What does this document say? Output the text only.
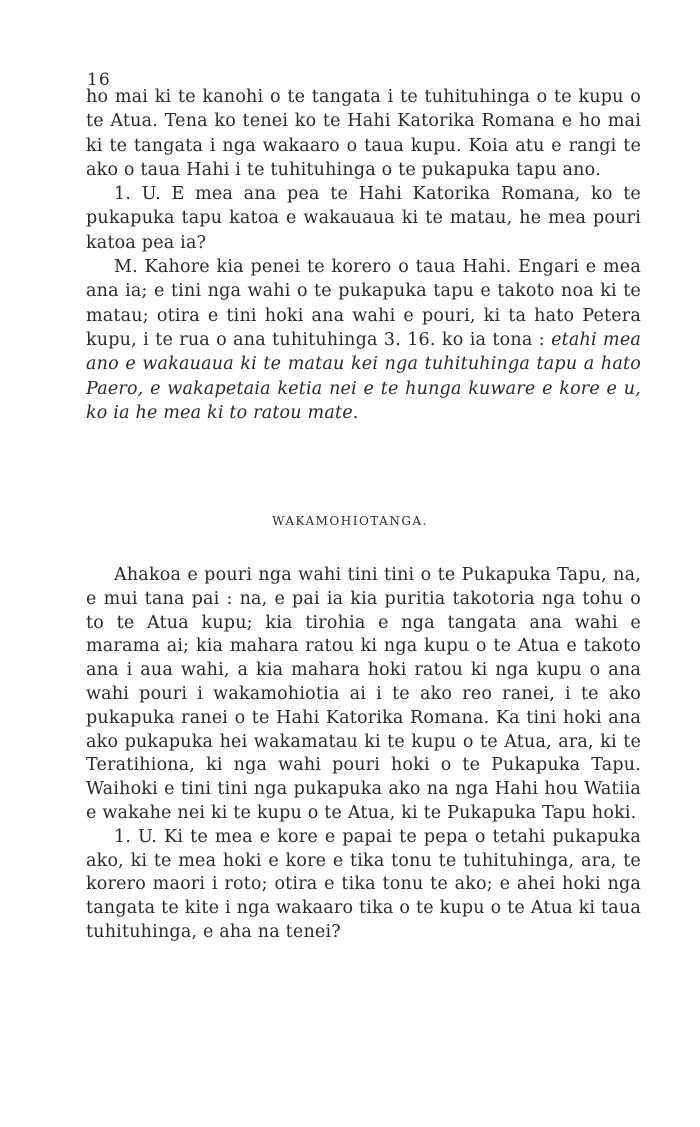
16

ho mai ki te kanohi o te tangata i te tuhituhinga o te kupu o te Atua. Tena ko tenei ko te Hahi Katorika Romana e ho mai ki te tangata i nga wakaaro o taua kupu. Koia atu e rangi te ako o taua Hahi i te tuhituhinga o te pukapuka tapu ano.

1. U. E mea ana pea te Hahi Katorika Romana, ko te pukapuka tapu katoa e wakauaua ki te matau, he mea pouri katoa pea ia?

M. Kahore kia penei te korero o taua Hahi. Engari e mea ana ia; e tini nga wahi o te pukapuka tapu e takoto noa ki te matau; otira e tini hoki ana wahi e pouri, ki ta hato Petera kupu, i te rua o ana tuhituhinga 3. 16. ko ia tona : etahi mea ano e wakauaua ki te matau kei nga tuhituhinga tapu a hato Paero, e wakapetaia ketia nei e te hunga kuware e kore e u, ko ia he mea ki to ratou mate.

WAKAMOHIOTANGA.

Ahakoa e pouri nga wahi tini tini o te Pukapuka Tapu, na, e mui tana pai : na, e pai ia kia puritia takotoria nga tohu o to te Atua kupu; kia tirohia e nga tangata ana wahi e marama ai; kia mahara ratou ki nga kupu o te Atua e takoto ana i aua wahi, a kia mahara hoki ratou ki nga kupu o ana wahi pouri i wakamohiotia ai i te ako reo ranei, i te ako pukapuka ranei o te Hahi Katorika Romana. Ka tini hoki ana ako pukapuka hei wakamatau ki te kupu o te Atua, ara, ki te Teratihiona, ki nga wahi pouri hoki o te Pukapuka Tapu. Waihoki e tini tini nga pukapuka ako na nga Hahi hou Watiia e wakahe nei ki te kupu o te Atua, ki te Pukapuka Tapu hoki.

1. U. Ki te mea e kore e papai te pepa o tetahi pukapuka ako, ki te mea hoki e kore e tika tonu te tuhituhinga, ara, te korero maori i roto; otira e tika tonu te ako; e ahei hoki nga tangata te kite i nga wakaaro tika o te kupu o te Atua ki taua tuhituhinga, e aha na tenei?
